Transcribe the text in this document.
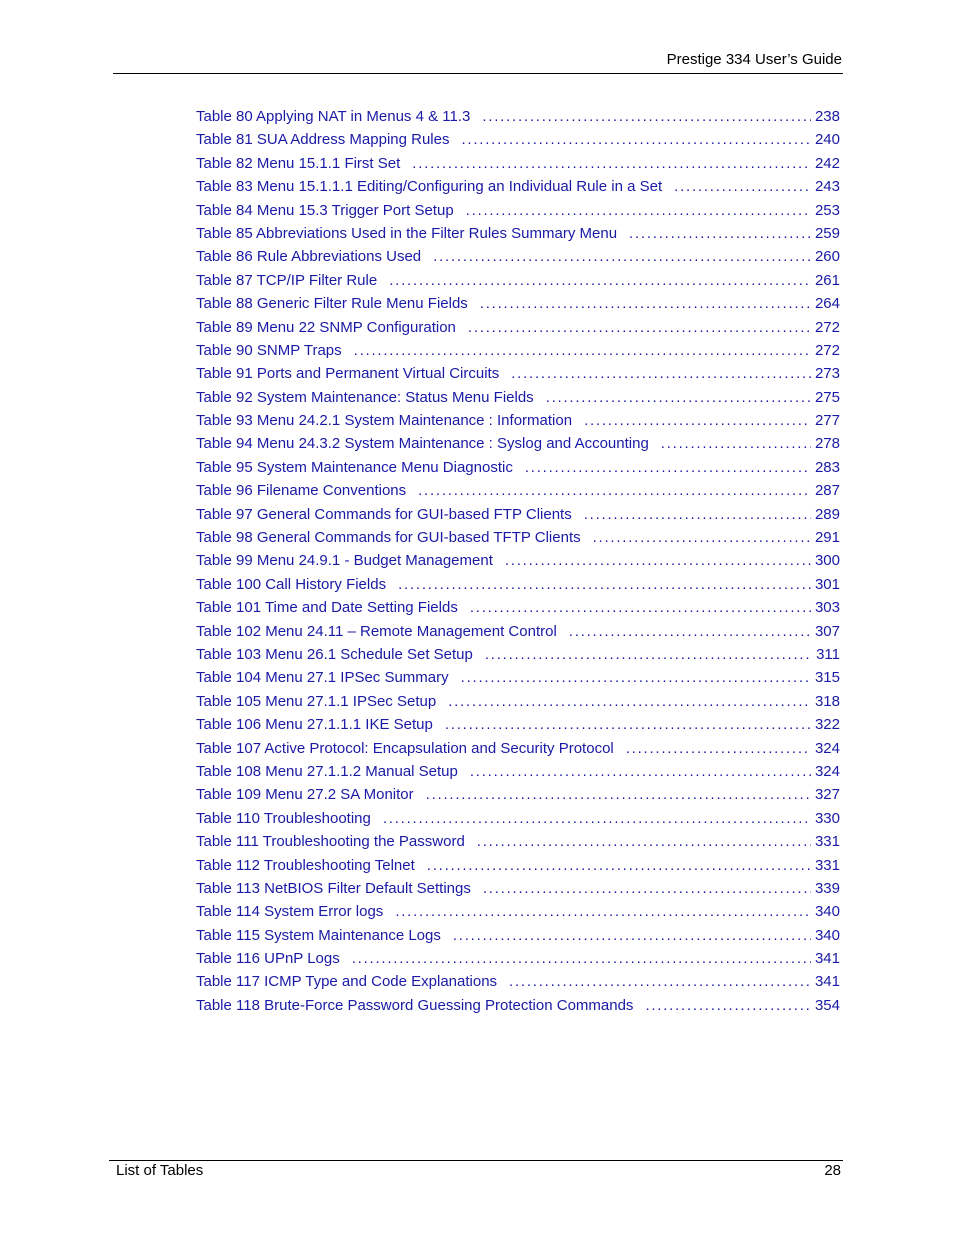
Prestige 334 User’s Guide
Table 80 Applying NAT in Menus 4 & 11.3 . . .	238
Table 81 SUA Address Mapping Rules . . .	240
Table 82 Menu 15.1.1 First Set . . .	242
Table 83 Menu 15.1.1.1 Editing/Configuring an Individual Rule in a Set . . .	243
Table 84 Menu 15.3 Trigger Port Setup . . .	253
Table 85 Abbreviations Used in the Filter Rules Summary Menu . . .	259
Table 86 Rule Abbreviations Used . . .	260
Table 87 TCP/IP Filter Rule . . .	261
Table 88 Generic Filter Rule Menu Fields . . .	264
Table 89 Menu 22 SNMP Configuration . . .	272
Table 90 SNMP Traps . . .	272
Table 91 Ports and Permanent Virtual Circuits . . .	273
Table 92 System Maintenance: Status Menu Fields . . .	275
Table 93 Menu 24.2.1 System Maintenance : Information . . .	277
Table 94 Menu 24.3.2 System Maintenance : Syslog and Accounting . . .	278
Table 95 System Maintenance Menu Diagnostic . . .	283
Table 96 Filename Conventions . . .	287
Table 97 General Commands for GUI-based FTP Clients . . .	289
Table 98 General Commands for GUI-based TFTP Clients . . .	291
Table 99 Menu 24.9.1 - Budget Management . . .	300
Table 100 Call History Fields . . .	301
Table 101 Time and Date Setting Fields . . .	303
Table 102 Menu 24.11 – Remote Management Control . . .	307
Table 103 Menu 26.1 Schedule Set Setup . . .	311
Table 104 Menu 27.1 IPSec Summary . . .	315
Table 105 Menu 27.1.1 IPSec Setup . . .	318
Table 106 Menu 27.1.1.1 IKE Setup . . .	322
Table 107 Active Protocol: Encapsulation and Security Protocol . . .	324
Table 108 Menu 27.1.1.2 Manual Setup . . .	324
Table 109 Menu 27.2 SA Monitor . . .	327
Table 110 Troubleshooting . . .	330
Table 111 Troubleshooting the Password . . .	331
Table 112 Troubleshooting Telnet . . .	331
Table 113 NetBIOS Filter Default Settings . . .	339
Table 114 System Error logs . . .	340
Table 115 System Maintenance Logs . . .	340
Table 116 UPnP Logs . . .	341
Table 117 ICMP Type and Code Explanations . . .	341
Table 118 Brute-Force Password Guessing Protection Commands . . .	354
List of Tables	28
